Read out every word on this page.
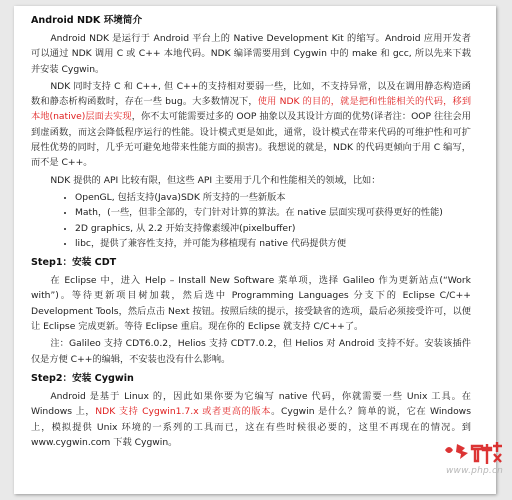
Android NDK 环境简介

Android NDK 是运行于 Android 平台上的 Native Development Kit 的缩写。Android 应用开发者可以通过 NDK 调用 C 或 C++ 本地代码。NDK 编译需要用到 Cygwin 中的 make 和 gcc, 所以先来下载并安装 Cygwin。

NDK 同时支持 C 和 C++, 但 C++的支持相对要弱一些，比如，不支持异常，以及在调用静态构造函数和静态析构函数时，存在一些 bug。大多数情况下，使用 NDK 的目的，就是把和性能相关的代码，移到本地(native)层面去实现，你不太可能需要过多的 OOP 抽象以及其设计方面的优势(译者注：OOP 往往会用到虚函数，而这会降低程序运行的性能。设计模式更是如此，通常，设计模式在带来代码的可维护性和可扩展性优势的同时，几乎无可避免地带来性能方面的损害)。我想说的就是，NDK 的代码更倾向于用 C 编写，而不是 C++。

NDK 提供的 API 比较有限，但这些 API 主要用于几个和性能相关的领域，比如：

• OpenGL, 包括支持(Java)SDK 所支持的一些新版本
• Math，(一些，但非全部的，专门针对计算的算法。在 native 层面实现可获得更好的性能)
• 2D graphics, 从 2.2 开始支持像素缓冲(pixelbuffer)
• libc，提供了兼容性支持，并可能为移植现有 native 代码提供方便
Step1：安装 CDT

在 Eclipse 中，进入 Help – Install New Software 菜单项，选择 Galileo 作为更新站点(“Work with”)。等待更新项目树加载，然后选中 Programming Languages 分支下的 Eclipse C/C++ Development Tools，然后点击 Next 按钮。按照后续的提示，接受缺省的选项，最后必须接受许可，以便让 Eclipse 完成更新。等待 Eclipse 重启。现在你的 Eclipse 就支持 C/C++了。

注：Galileo 支持 CDT6.0.2，Helios 支持 CDT7.0.2，但 Helios 对 Android 支持不好。安装该插件仅是方便 C++的编辑，不安装也没有什么影响。

Step2：安装 Cygwin

Android 是基于 Linux 的，因此如果你要为它编写 native 代码，你就需要一些 Unix 工具。在 Windows 上，NDK 支持 Cygwin1.7.x 或者更高的版本。Cygwin 是什么？简单的说，它在 Windows 上，模拟提供 Unix 环境的一系列的工具而已，这在有些时候很必要的，这里不再现在的情况。到 www.cygwin.com 下载 Cygwin。

www.php.cn
